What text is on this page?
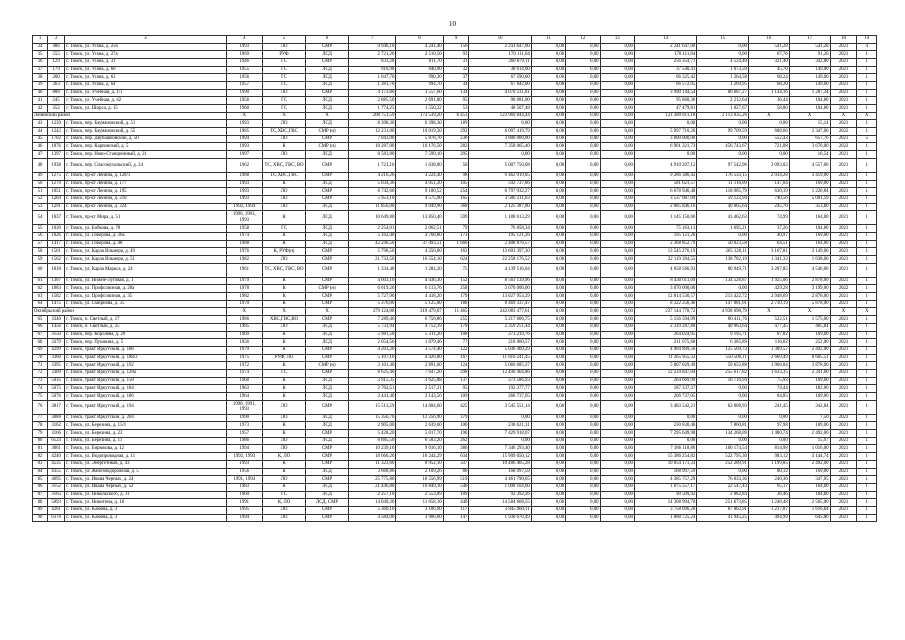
10
1	2	3	4	5	6	7	8	9	10	11	12	13	14	15	16	17	18	19
34	486	г. Томск, ул. Усова, д. 25б	1993	ЛО	СМР	4 946,10	4 241,40	156	2 241 647,00	0,00	0,00	0,00	2 241 647,00	0,00	541,28	541,28	2021	4
35	555	г. Томск, ул. Усова, д. 27а	1969	РУФ	ЛСД	2 721,20	2 510,50	93	170 111,04	0,00	0,00	0,00	170 111,04	0,00	67,76	91,20	2021	1
36	129	г. Томск, ул. Усова, д. 31	1946	ГС	СМР	833,20	811,70	31	260 879,11	0,00	0,00	0,00	256 354,71	4 524,40	321,40	342,80	2021	1
37	179	г. Томск, ул. Усова, д. 60	1955	ГС	ЛСД	910,90	840,90	32	38 614,00	0,00	0,00	0,00	37 540,41	1 073,59	45,70	149,00	2021	1
38	260	г. Томск, ул. Усова, д. 62	1956	ГС	ЛСД	1 047,70	990,30	37	67 590,00	0,00	0,00	0,00	66 325,42	1 264,58	68,24	149,00	2021	1
39	263	г. Томск, ул. Усова, д. 64	1957	ГС	ЛСД	1 381,70	994,70	34	67 842,00	0,00	0,00	0,00	66 572,05	1 269,95	68,20	149,00	2021	1
40	888	г. Томск, ул. Учебная, д. 1/1	1990	ЛО	СМР	4 173,80	3 557,60	134	4 070 231,81	0,00	0,00	0,00	3 990 144,54	80 087,27	1 144,16	1 287,34	2021	1
41	245	г. Томск, ул. Учебная, д. 42	1956	ГС	ЛСД	2 885,50	2 691,80	95	98 081,00	0,00	0,00	0,00	95 868,36	2 212,64	36,44	104,80	2021	1
42	352	г. Томск, ул. Шорса, д. 15	1960	ГС	ЛСД	1 774,25	1 550,22	53	48 507,48	0,00	0,00	0,00	47 479,81	1 027,67	58,80	104,80	2021	1
Ленинский район			Х	Х	Х	208 751,59	172 539,20	6 453	123 969 844,44	0,00	0,00	0,00	121 389 811,18	2 113 035,26	Х	Х	Х	Х
43	1239	г. Томск, пер. Баумановский, д. 51	1993	ЛО	ЛСД	8 398,30	6 398,30	189	0,00	0,00	0,00	0,00	0,00	0,00	0,00	15,14	2021	1
44	1242	г. Томск, пер. Баумановский, д. 55	1985	ТС,ХВС,ГВС	СМР (н)	12 231,00	10 019,30	292	6 097 419,79	0,00	0,00	0,00	5 997 710,20	99 709,59	608,66	2 347,00	2022	1
45	1702	г. Томск, пер. Двубашковский, д. 50	1994	ЛО	СМР	7 043,00	5 878,70	236	3 800 000,00	0,00	0,00	0,00	3 800 000,00	0,00	552,43	657,76	2021	5
46	1876	г. Томск, пер. Карповский, д. 5	1993	К	СМР (н)	10 287,00	10 176,50	282	7 358 065,40	0,00	0,00	0,00	6 901 321,73	456 743,67	721,08	3 670,00	2022	1
47	1397	г. Томск, пер. Ново-Станционный, д. 21	1997	ЛО	ЛСД	8 583,80	7 599,10	295	0,00	0,00	0,00	0,00	0,00	0,00	0,00	16,54	2021	1
48	1938	г. Томск, пер. Спасомучальский, д. 24	1962	ТС, ХВС, ГВС, ВО	СМР	1 721,16	1 638,00	50	5 007 750,08	0,00	0,00	0,00	4 910 207,12	97 542,96	3 093,02	4 557,00	2021	1
49	1275	г. Томск, пр-кт Ленина, д. 128/1	1988	ТС,ХВС,ГВС	СМР	4 216,20	3 224,40	98	9 462 919,85	0,00	0,00	0,00	9 286 386,42	176 533,15	2 934,28	3 419,00	2021	1
50	1279	г. Томск, пр-кт Ленина, д. 177	1993	К	ЛСД	5 034,30	4 051,20	105	592 737,86	0,00	0,00	0,00	581 621,57	11 116,09	147,04	169,00	2021	1
51	1051	г. Томск, пр-кт Ленина, д. 195	1993	ЛО	СМР	8 742,60	9 180,52	254	6 797 932,27	0,00	0,00	0,00	6 678 946,48	118 985,79	630,19	1 226,84	2021	1
52	1284	г. Томск, пр-кт Ленина, д. 210	1993	ЛО	СМР	5 953,10	4 575,90	165	3 586 211,03	0,00	0,00	0,00	3 537 087,09	59 123,94	740,56	5 091,19	2021	1
53	1291	г. Томск, пр-кт Ленина, д. 224	1992, 1994	ЛО	ЛСД	11 856,00	9 049,90	368	2 125 387,80	0,00	0,00	0,00	2 085 846,16	40 065,64	245,70	353,80	2021	1
54	1037	г. Томск, пр-кт Мира, д. 51	1990, 1993, 1993	К	ЛСД	10 649,80	13 850,40	599	1 188 613,29	0,00	0,00	0,00	1 145 150,66	43 462,63	74,99	164,00	2021	1
55	1030	г. Томск, ул. Бобкова, д. 78	1958	ГС	ЛСД	2 254,01	2 062,51	79	76 858,34	0,00	0,00	0,00	75 163,13	1 695,21	37,26	104,80	2021	1
56	1026	г. Томск, ул. Говорова, д. 36а	1974	К	ЛСД	5 162,40	4 768,80	173	195 121,26	0,00	0,00	0,00	195 121,26	0,00	40,97	169,00	2021	1
57	1417	г. Томск, ул. Говорова, д. 48	1988	К	ЛСД	42 246,50	37 493,51	1 666	2 408 876,57	0,00	0,00	0,00	2 368 852,79	50 023,58	64,51	164,00	2021	1
58	1561	г. Томск, ул. Карла Ильмера, д. 49	1976	К, РУФ(н)	СМР	5 798,50	4 256,00	162	13 603 397,30	0,00	0,00	0,00	13 545 276,19	265 128,11	3 167,81	3 149,00	2021	1
59	1562	г. Томск, ул. Карла Ильмера, д. 51	1982	ЛО	СМР	21 732,50	16 554,10	624	22 258 176,52	0,00	0,00	0,00	22 119 394,55	138 782,19	1 341,33	1 638,00	2021	1
60	1818	г. Томск, ул. Карла Маркса, д. 24	1961	ТС, ХВС, ГВС, ВО	СМР	1 334,48	1 284,20	75	4 139 516,64	0,00	0,00	0,00	4 058 566,93	80 949,71	3 207,85	4 546,00	2021	1
61	1307	г. Томск, ул. Нижне-Луговая, д. 1	1979	К	СМР	4 603,10	4 436,30	152	8 563 139,96	0,00	0,00	0,00	8 430 611,09	134 528,87	1 925,06	2 878,00	2021	1
62	1083	г. Томск, ул. Профсоюзная, д. 20а	1978	К	СМР (н)	6 619,20	6 113,76	258	3 070 000,00	0,00	0,00	0,00	3 070 000,00	0,00	429,28	3 199,00	2022	1
63	1582	г. Томск, ул. Профсоюзная, д. 35	1982	К	СМР	5 727,90	4 418,20	179	13 027 953,29	0,00	0,00	0,00	12 814 530,57	213 422,72	2 948,69	2 878,00	2021	1
64	1475	г. Томск, ул. Смирнова, д. 35	1970	К	СМР	5 376,00	5 125,00	188	8 469 337,47	0,00	0,00	0,00	8 322 256,46	147 081,01	2 710,19	5 878,00	2021	1
Октябрьский район			Х	Х	Х	379 124,08	319 479,07	11 465	242 083 477,61	0,00	0,00	0,00	237 144 778,72	4 938 698,79	Х	Х	Х	Х
65	3340	г. Томск, п. Светлый, д. 17	1986	ХВС,ГВС,ВО	СМР	7 289,46	6 756,86	255	5 217 006,75	0,00	0,00	0,00	5 156 594,99	80 411,76	522,51	1 575,00	2021	1
66	1456	г. Томск, п. Светлый, д. 25	1985	ЛО	ЛСД	5 731,94	4 752,19	179	2 359 251,44	0,00	0,00	0,00	2 319 287,80	40 963,64	477,45	485,84	2021	1
67	3150	г. Томск, пер. Королёва, д. 29	1969	К	ЛСД	5 981,50	5 311,20	108	273 219,76	0,00	0,00	0,00	264 024,05	9 195,71	87,82	169,00	2021	1
68	3379	г. Томск, пер. Пушкина, д. 5	1956	К	ЛСД	2 054,56	1 879,46	77	218 060,57	0,00	0,00	0,00	211 675,68	6 385,89	116,02	252,00	2021	1
69	4299	г. Томск, тракт Иркутский, д. 186	1979	К	СМР	4 203,20	3 574,40	122	5 036 469,29	0,00	0,00	0,00	4 904 899,56	125 569,73	1 389,57	2 492,00	2021	1
70	3360	г. Томск, тракт Иркутский, д. 188/2	1975	РУФ, ЛО	СМР	5 107,10	4 426,80	167	11 816 241,45	0,00	0,00	0,00	11 265 955,32	550 506,11	2 669,49	8 605,51	2021	1
71	3395	г. Томск, тракт Иркутский, д. 192	1972	К	СМР (н)	3 101,40	2 891,60	124	5 066 685,37	0,00	0,00	0,00	5 007 029,49	59 655,88	1 966,04	3 878,00	2021	1
72	3309	г. Томск, тракт Иркутский, д. 128а	1974	ГС	СМР	8 625,40	7 647,20	298	12 490 464,86	0,00	0,00	0,00	12 234 847,04	255 617,82	1 633,35	2 341,00	2021	1
73	5035	г. Томск, тракт Иркутский, д. 158	1968	К	ЛСД	3 915,35	3 625,88	137	273 586,93	0,00	0,00	0,00	264 669,99	10 716,94	75,93	169,00	2021	1
74	5075	г. Томск, тракт Иркутский, д. 184	1963	К	ЛСД	2 762,51	2 517,21	95	192 377,77	0,00	0,00	0,00	187 337,37	0,00	74,44	182,00	2021	1
75	5076	г. Томск, тракт Иркутский, д. 186	1964	К	ЛСД	3 441,40	3 143,56	109	266 737,05	0,00	0,00	0,00	266 737,05	0,00	84,85	169,00	2021	1
76	3817	г. Томск, тракт Иркутский, д. 194	1990, 1991, 1993	ЛО	СМР	15 513,59	14 684,60	425	3 545 551,14	0,00	0,00	0,00	3 483 542,21	62 008,93	241,45	342,84	2021	1
77	3088	г. Томск, тракт Иркутский, д. 204	1990	ЛО	ЛСД	15 356,70	12 256,90	379	0,00	0,00	0,00	0,00	0,00	0,00	0,00	7,50	2023	1
78	3162	г. Томск, ул. Березина, д. 15/1	1973	К	ЛСД	2 905,00	2 639,60	100	238 621,31	0,00	0,00	0,00	230 830,46	7 860,81	97,98	169,00	2021	1
79	3166	г. Томск, ул. Березина, д. 22	1957	К	СМР	5 428,20	5 017,70	190	7 429 918,07	0,00	0,00	0,00	7 295 649,98	134 268,09	1 480,74	2 492,00	2021	1
80	6524	г. Томск, ул. Березина, д. 11	1986	ЛО	ЛСД	8 885,50	6 583,20	262	0,00	0,00	0,00	0,00	0,00	0,00	0,00	15,97	2021	1
81	3061	г. Томск, ул. Бирюкова, д. 12	1994	ЛО	СМР	10 239,10	9 016,10	386	7 346 293,40	0,00	0,00	0,00	7 186 118,86	160 174,54	814,98	1 016,00	2021	1
82	4240	г. Томск, ул. Водопроводная, д. 11	1992, 1993	К, ЛО	СМР	18 666,20	16 244,29	634	15 909 050,12	0,00	0,00	0,00	15 386 254,82	522 795,30	983,12	3 144,74	2021	1
83	4535	г. Томск, ул. Энергетиков, д. 43	1993	К	СМР	11 323,60	8 952,10	337	10 486 465,28	0,00	0,00	0,00	10 054 171,33	252 289,91	1 199,85	2 492,00	2021	1
84	4355	г. Томск, ул. Железнодорожная, д. 5	1956	К	ЛСД	3 668,80	2 109,26	80	168 997,59	0,00	0,00	0,00	168 997,59	0,00	80,12	169,00	2021	1
85	4695	г. Томск, ул. Ивана Черных, д. 24	1991, 1994	ЛО	СМР	25 775,80	18 556,99	519	4 461 790,65	0,00	0,00	0,00	4 385 757,29	76 033,36	240,36	347,05	2021	1
86	3152	г. Томск, ул. Ивана Черных, д. 52	1983	К	ЛСД	21 446,80	16 849,10	546	1 098 104,60	0,00	0,00	0,00	1 075 557,17	22 547,43	65,17	164,00	2021	1
87	3165	г. Томск, ул. Никольского, д. 11	1960	ГС	ЛСД	2 257,10	2 553,89	109	92 392,26	0,00	0,00	0,00	90 509,42	2 082,84	36,46	104,80	2021	1
88	5093	г. Томск, ул. Никитина, д. 16	1991	К, ЛО	ЛСД, СМР	14 049,30	11 658,10	440	14 584 668,55	0,00	0,00	0,00	14 308 994,70	251 673,85	1 248,48	2 505,00	2021	1
89	4261	г. Томск, ул. Клюева, д. 3	1995	ЛО	СМР	5 360,10	3 106,90	117	3 845 960,11	0,00	0,00	0,00	3 758 096,20	87 863,91	1 237,87	1 616,64	2021	1
90	6378	г. Томск, ул. Клюева, д. 3	1994	ЛО	СМР	4 584,00	3 906,60	147	1 930 670,49	0,00	0,00	0,00	1 888 725,24	41 945,25	494,99	645,86	2021	1
